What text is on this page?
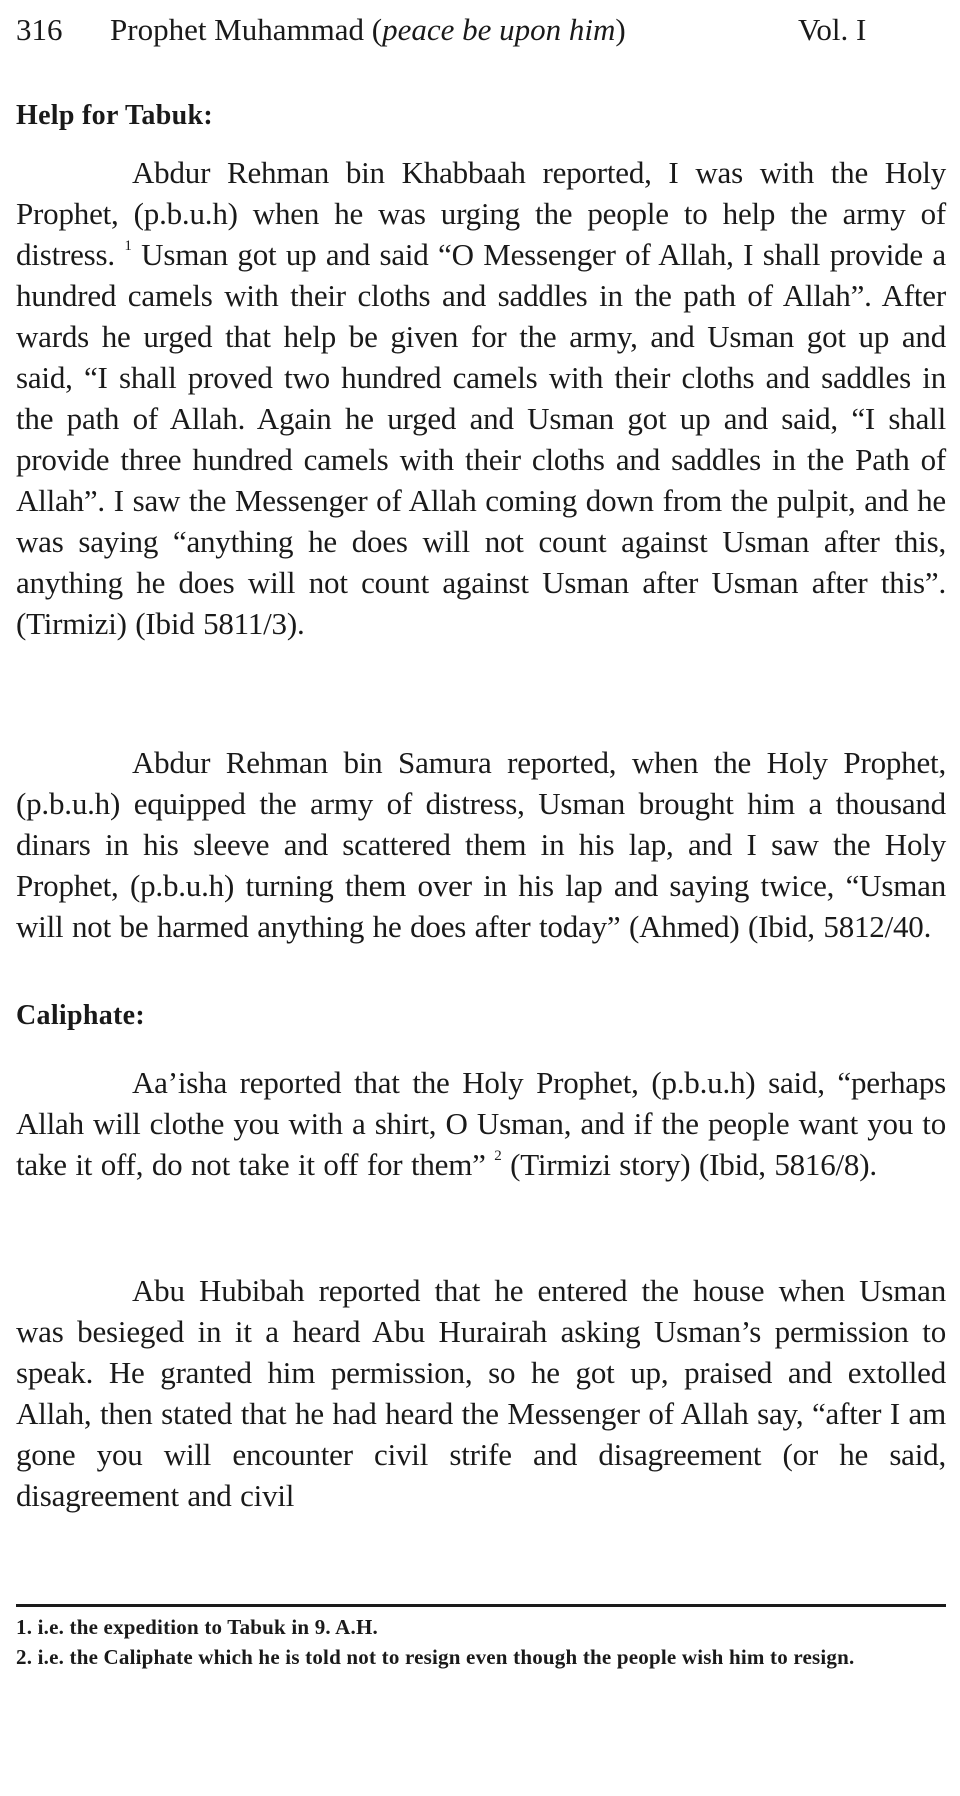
316 Prophet Muhammad (peace be upon him)	Vol. I
Help for Tabuk:

Abdur Rehman bin Khabbaah reported, I was with the Holy Prophet, (p.b.u.h) when he was urging the people to help the army of distress. $^1$ Usman got up and said “O Messenger of Allah, I shall provide a hundred camels with their cloths and saddles in the path of Allah”. After wards he urged that help be given for the army, and Usman got up and said, “I shall proved two hundred camels with their cloths and saddles in the path of Allah. Again he urged and Usman got up and said, “I shall provide three hundred camels with their cloths and saddles in the Path of Allah”. I saw the Messenger of Allah coming down from the pulpit, and he was saying “anything he does will not count against Usman after this, anything he does will not count against Usman after Usman after this”. (Tirmizi) (Ibid 5811/3).

Abdur Rehman bin Samura reported, when the Holy Prophet, (p.b.u.h) equipped the army of distress, Usman brought him a thousand dinars in his sleeve and scattered them in his lap, and I saw the Holy Prophet, (p.b.u.h) turning them over in his lap and saying twice, “Usman will not be harmed anything he does after today” (Ahmed) (Ibid, 5812/40.

Caliphate:

Aa’isha reported that the Holy Prophet, (p.b.u.h) said, “perhaps Allah will clothe you with a shirt, O Usman, and if the people want you to take it off, do not take it off for them” $^2$ (Tirmizi story) (Ibid, 5816/8).

Abu Hubibah reported that he entered the house when Usman was besieged in it a heard Abu Hurairah asking Usman’s permission to speak. He granted him permission, so he got up, praised and extolled Allah, then stated that he had heard the Messenger of Allah say, “after I am gone you will encounter civil strife and disagreement (or he said, disagreement and civil

1. i.e. the expedition to Tabuk in 9. A.H.

2. i.e. the Caliphate which he is told not to resign even though the people wish him to resign.
